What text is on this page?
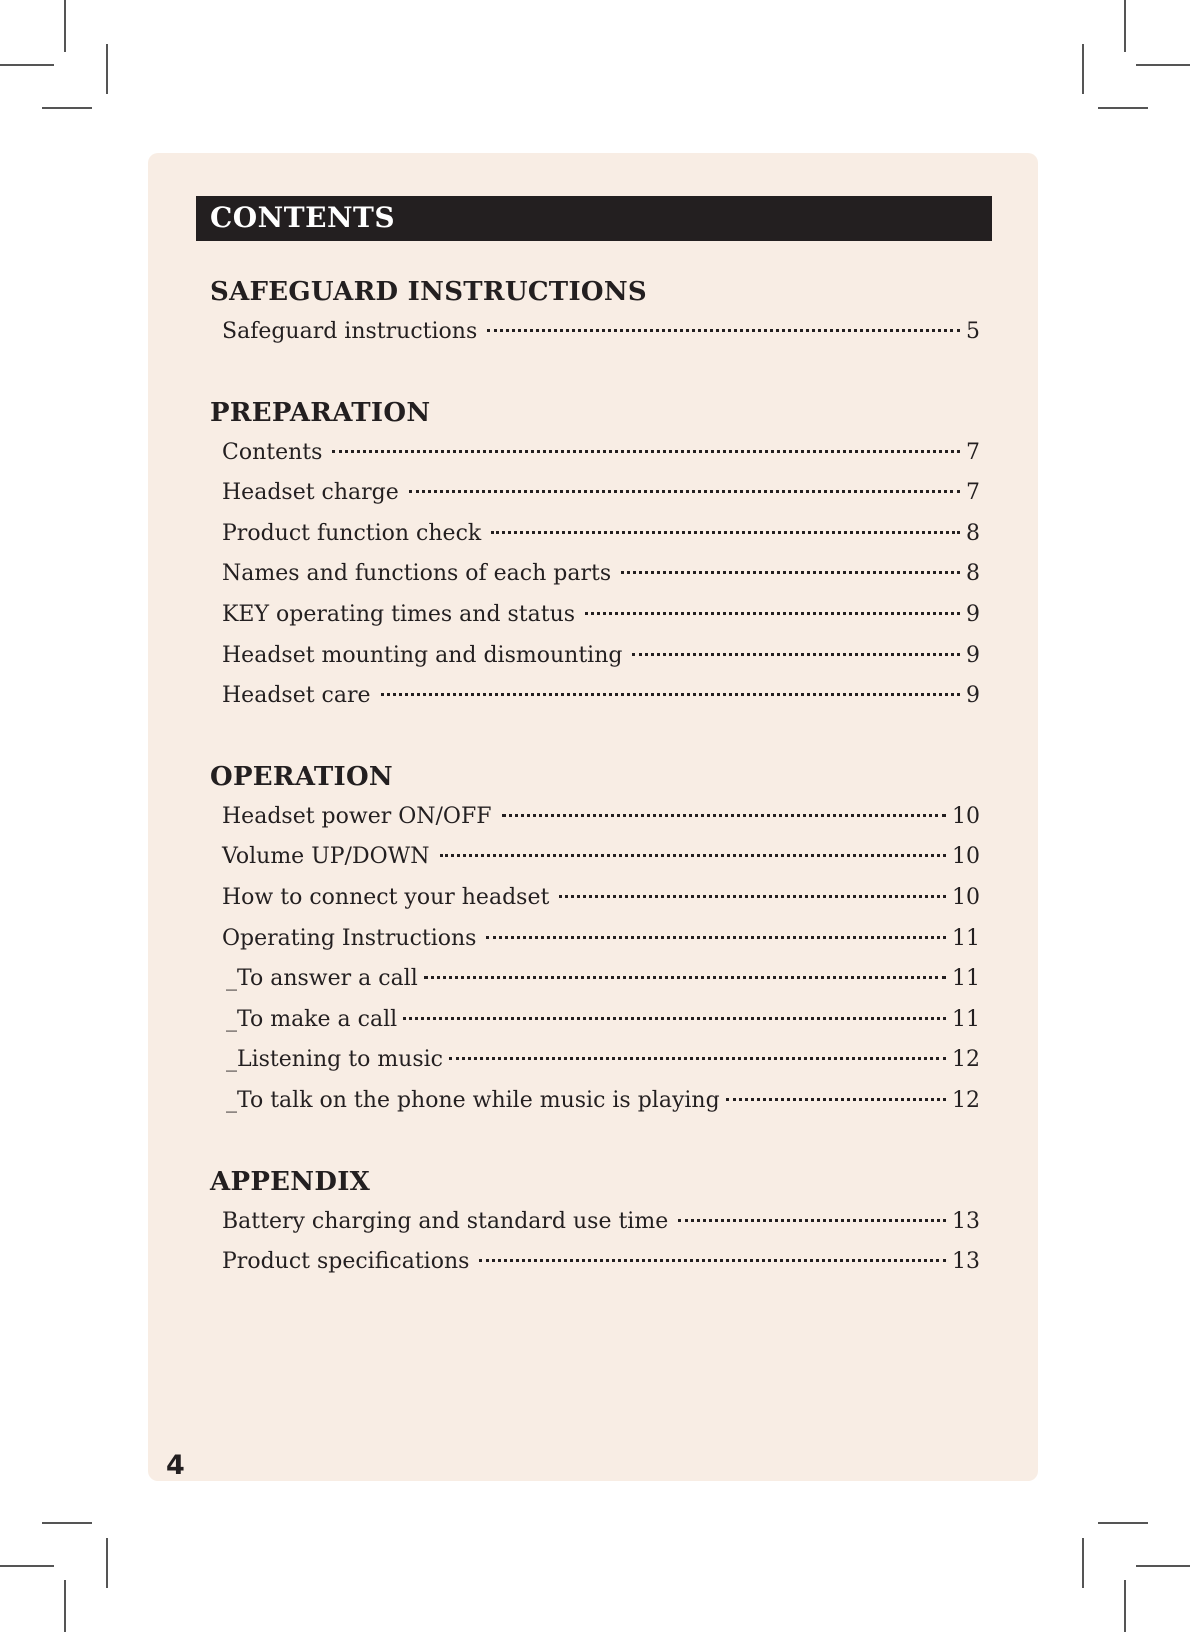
CONTENTS
SAFEGUARD INSTRUCTIONS
Safeguard instructions	5
PREPARATION
Contents	7
Headset charge	7
Product function check	8
Names and functions of each parts	8
KEY operating times and status	9
Headset mounting and dismounting	9
Headset care	9
OPERATION
Headset power ON/OFF	10
Volume UP/DOWN	10
How to connect your headset	10
Operating Instructions	11
_To answer a call	11
_To make a call	11
_Listening to music	12
_To talk on the phone while music is playing	12
APPENDIX
Battery charging and standard use time	13
Product specifications	13
4
